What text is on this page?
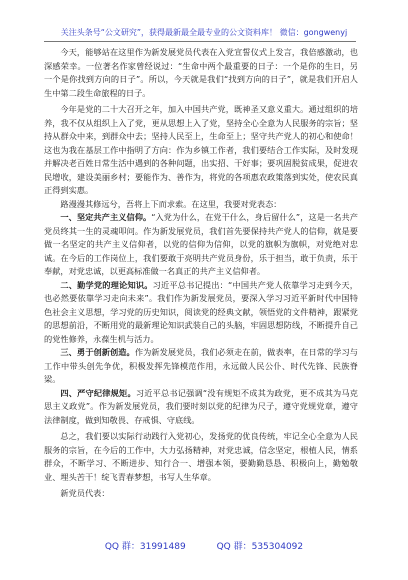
关注头条号“公文研究”，获得最新最全最专业的公文资料库！ 微信：gongwenyj

今天，能够站在这里作为新发展党员代表在入党宣誓仪式上发言，我倍感激动，也深感荣幸。一位著名作家曾经说过：“生命中两个最重要的日子：一个是你的生日，另一个是你找到方向的日子”。所以，今天就是我们“找到方向的日子”，就是我们开启人生中第二段生命旅程的日子。

今年是党的二十大召开之年，加入中国共产党，既神圣又意义重大。通过组织的培养，我不仅从组织上入了党，更从思想上入了党，坚持全心全意为人民服务的宗旨；坚持从群众中来，到群众中去；坚持人民至上，生命至上；坚守共产党人的初心和使命！这也为我在基层工作中指明了方向：作为乡镇工作者，我们要结合工作实际，及时发现并解决老百姓日常生活中遇到的各种问题，出实招、干好事；要巩固脱贫成果，促进农民增收，建设美丽乡村；要能作为、善作为，将党的各项惠农政策落到实处，使农民真正得到实惠。

路漫漫其修远兮，吾将上下而求索。在这里，我要对党表态：

一、坚定共产主义信仰。“入党为什么，在党干什么，身后留什么”，这是一名共产党员终其一生的灵魂叩问。作为新发展党员，我们首先要保持共产党人的信仰，就是要做一名坚定的共产主义信仰者，以党的信仰为信仰，以党的旗帜为旗帜，对党绝对忠诚。在今后的工作岗位上，我们要敢于亮明共产党员身份，乐于担当，敢于负责，乐于奉献，对党忠诚，以更高标准做一名真正的共产主义信仰者。

二、勤学党的理论知识。习近平总书记提出：“中国共产党人依靠学习走到今天，也必然要依靠学习走向未来”。我们作为新发展党员，要深入学习习近平新时代中国特色社会主义思想，学习党的历史知识，阅读党的经典文献，领悟党的文件精神，跟紧党的思想前沿，不断用党的最新理论知识武装自己的头脑，牢固思想防线，不断提升自己的党性修养，永葆生机与活力。

三、勇于创新创造。作为新发展党员，我们必须走在前，做表率，在日常的学习与工作中带头创先争优，积极发挥先锋模范作用，永远做人民公仆、时代先锋、民族脊梁。

四、严守纪律规矩。习近平总书记强调“没有规矩不成其为政党，更不成其为马克思主义政党”。作为新发展党员，我们要时刻以党的纪律为尺子，遵守党规党章，遵守法律制度，做到知敬畏、存戒惧、守底线。

总之，我们要以实际行动践行入党初心，发扬党的优良传统，牢记全心全意为人民服务的宗旨，在今后的工作中，大力弘扬精神，对党忠诚，信念坚定，根植人民，情系群众，不断学习、不断进步、知行合一、增强本领，要勤勤恳恳、积极向上，勤勉敬业、埋头苦干！绽飞青春梦想，书写人生华章。

新党员代表：

QQ 群：31991489	QQ 群：535304092
